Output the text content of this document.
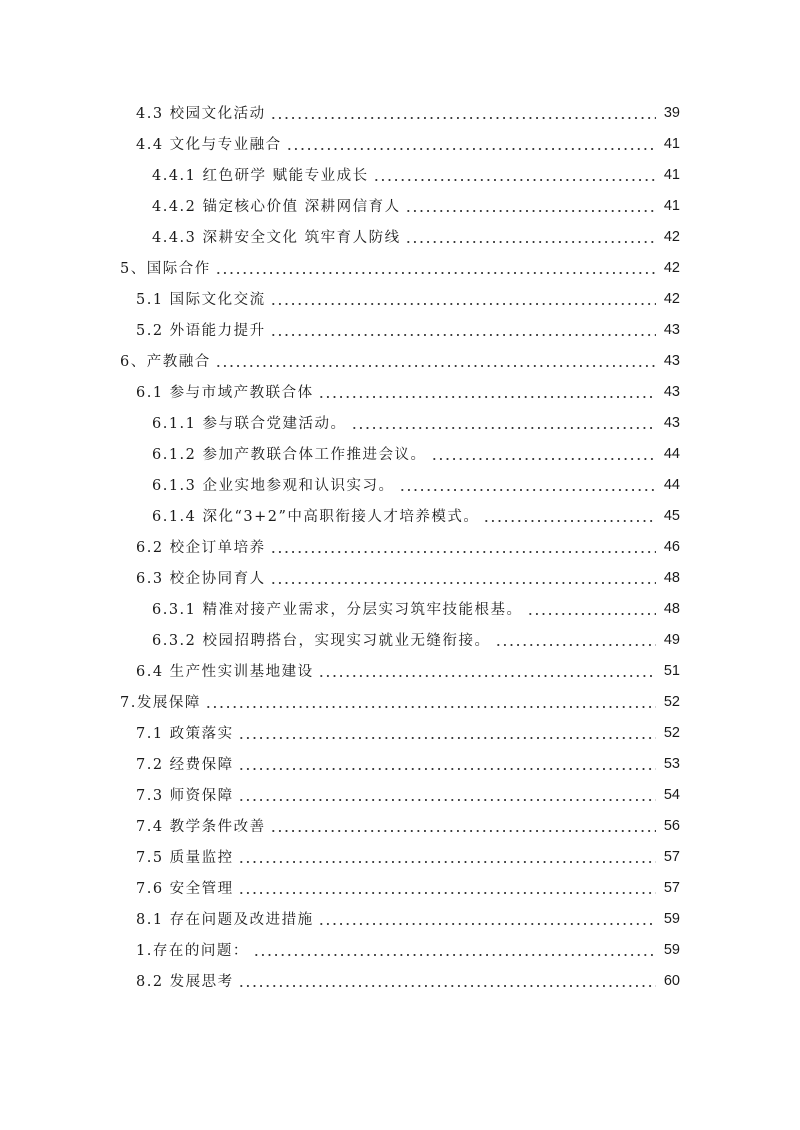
4.3 校园文化活动	39
4.4 文化与专业融合	41
4.4.1 红色研学 赋能专业成长	41
4.4.2 锚定核心价值 深耕网信育人	41
4.4.3 深耕安全文化 筑牢育人防线	42
5、国际合作	42
5.1 国际文化交流	42
5.2 外语能力提升	43
6、产教融合	43
6.1 参与市域产教联合体	43
6.1.1 参与联合党建活动。	43
6.1.2 参加产教联合体工作推进会议。	44
6.1.3 企业实地参观和认识实习。	44
6.1.4 深化“3+2”中高职衔接人才培养模式。	45
6.2 校企订单培养	46
6.3 校企协同育人	48
6.3.1 精准对接产业需求，分层实习筑牢技能根基。	48
6.3.2 校园招聘搭台，实现实习就业无缝衔接。	49
6.4 生产性实训基地建设	51
7.发展保障	52
7.1 政策落实	52
7.2 经费保障	53
7.3 师资保障	54
7.4 教学条件改善	56
7.5 质量监控	57
7.6 安全管理	57
8.1 存在问题及改进措施	59
1.存在的问题：	59
8.2 发展思考	60
